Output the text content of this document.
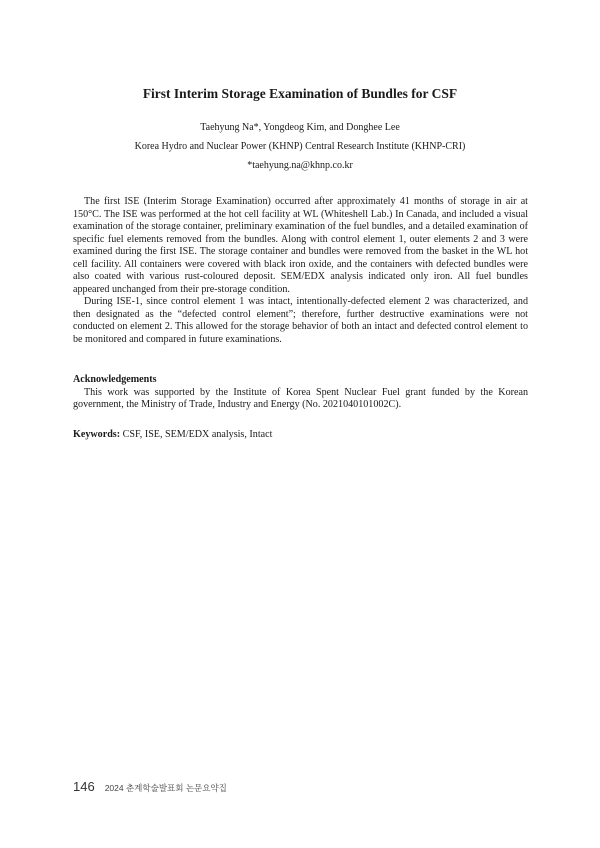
First Interim Storage Examination of Bundles for CSF

Taehyung Na*, Yongdeog Kim, and Donghee Lee

Korea Hydro and Nuclear Power (KHNP) Central Research Institute (KHNP-CRI)

*taehyung.na@khnp.co.kr

The first ISE (Interim Storage Examination) occurred after approximately 41 months of storage in air at 150°C. The ISE was performed at the hot cell facility at WL (Whiteshell Lab.) In Canada, and included a visual examination of the storage container, preliminary examination of the fuel bundles, and a detailed examination of specific fuel elements removed from the bundles. Along with control element 1, outer elements 2 and 3 were examined during the first ISE. The storage container and bundles were removed from the basket in the WL hot cell facility. All containers were covered with black iron oxide, and the containers with defected bundles were also coated with various rust-coloured deposit. SEM/EDX analysis indicated only iron. All fuel bundles appeared unchanged from their pre-storage condition.

During ISE-1, since control element 1 was intact, intentionally-defected element 2 was characterized, and then designated as the “defected control element”; therefore, further destructive examinations were not conducted on element 2. This allowed for the storage behavior of both an intact and defected control element to be monitored and compared in future examinations.

Acknowledgements

This work was supported by the Institute of Korea Spent Nuclear Fuel grant funded by the Korean government, the Ministry of Trade, Industry and Energy (No. 2021040101002C).

Keywords: CSF, ISE, SEM/EDX analysis, Intact

146 2024 춘계학술발표회 논문요약집
